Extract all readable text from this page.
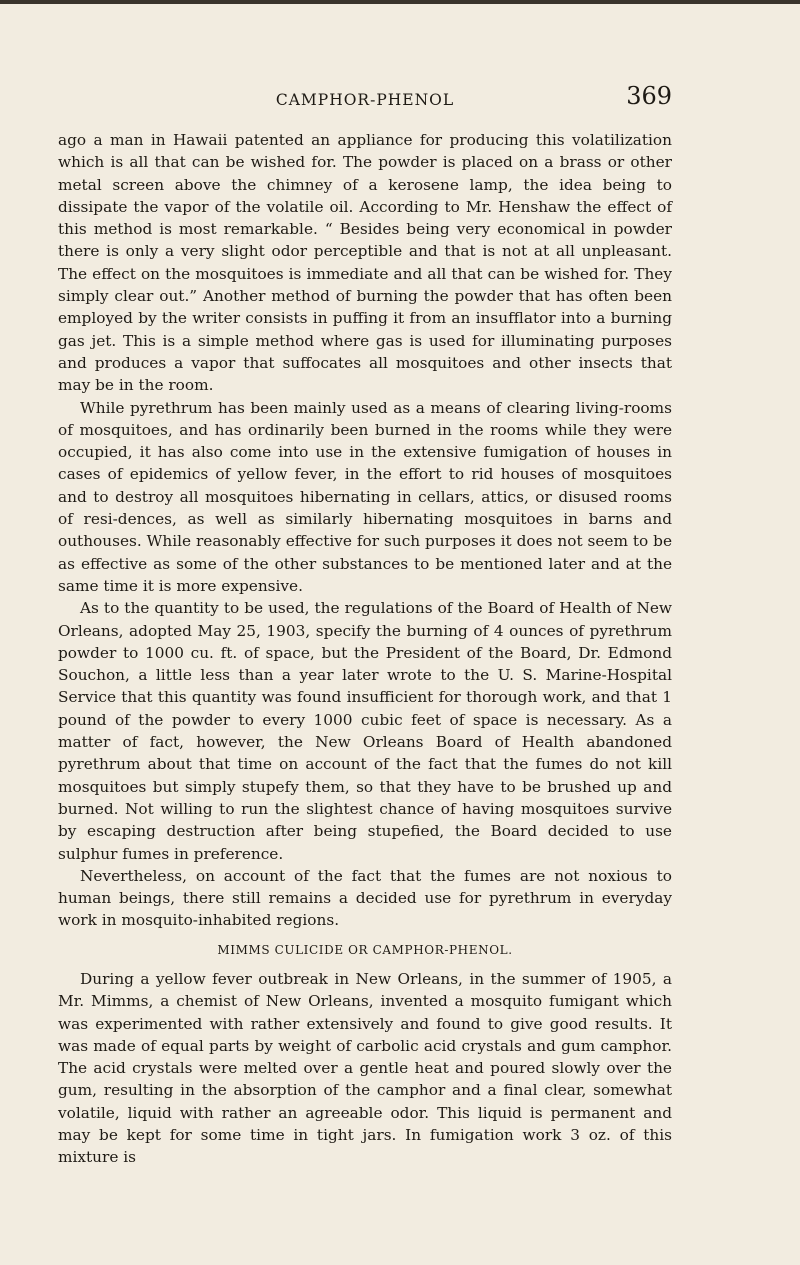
CAMPHOR-PHENOL	369

ago a man in Hawaii patented an appliance for producing this volatilization which is all that can be wished for. The powder is placed on a brass or other metal screen above the chimney of a kerosene lamp, the idea being to dissipate the vapor of the volatile oil. According to Mr. Henshaw the effect of this method is most remarkable. “ Besides being very economical in powder there is only a very slight odor perceptible and that is not at all unpleasant. The effect on the mosquitoes is immediate and all that can be wished for. They simply clear out.” Another method of burning the powder that has often been employed by the writer consists in puffing it from an insufflator into a burning gas jet. This is a simple method where gas is used for illuminating purposes and produces a vapor that suffocates all mosquitoes and other insects that may be in the room.

While pyrethrum has been mainly used as a means of clearing living-rooms of mosquitoes, and has ordinarily been burned in the rooms while they were occupied, it has also come into use in the extensive fumigation of houses in cases of epidemics of yellow fever, in the effort to rid houses of mosquitoes and to destroy all mosquitoes hibernating in cellars, attics, or disused rooms of resi-dences, as well as similarly hibernating mosquitoes in barns and outhouses. While reasonably effective for such purposes it does not seem to be as effective as some of the other substances to be mentioned later and at the same time it is more expensive.

As to the quantity to be used, the regulations of the Board of Health of New Orleans, adopted May 25, 1903, specify the burning of 4 ounces of pyrethrum powder to 1000 cu. ft. of space, but the President of the Board, Dr. Edmond Souchon, a little less than a year later wrote to the U. S. Marine-Hospital Service that this quantity was found insufficient for thorough work, and that 1 pound of the powder to every 1000 cubic feet of space is necessary. As a matter of fact, however, the New Orleans Board of Health abandoned pyrethrum about that time on account of the fact that the fumes do not kill mosquitoes but simply stupefy them, so that they have to be brushed up and burned. Not willing to run the slightest chance of having mosquitoes survive by escaping destruction after being stupefied, the Board decided to use sulphur fumes in preference.

Nevertheless, on account of the fact that the fumes are not noxious to human beings, there still remains a decided use for pyrethrum in everyday work in mosquito-inhabited regions.

MIMMS CULICIDE OR CAMPHOR-PHENOL.

During a yellow fever outbreak in New Orleans, in the summer of 1905, a Mr. Mimms, a chemist of New Orleans, invented a mosquito fumigant which was experimented with rather extensively and found to give good results. It was made of equal parts by weight of carbolic acid crystals and gum camphor. The acid crystals were melted over a gentle heat and poured slowly over the gum, resulting in the absorption of the camphor and a final clear, somewhat volatile, liquid with rather an agreeable odor. This liquid is permanent and may be kept for some time in tight jars. In fumigation work 3 oz. of this mixture is
